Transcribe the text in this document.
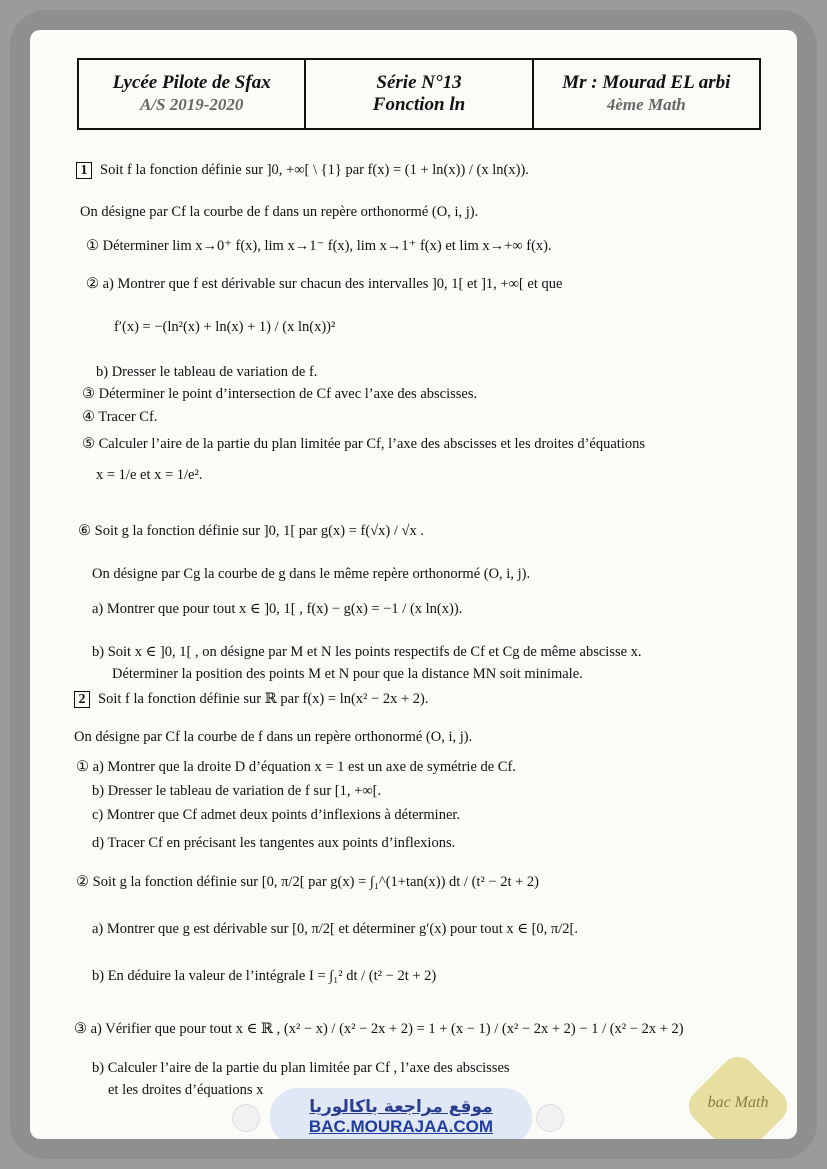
Lycée Pilote de Sfax
A/S 2019-2020
Série N°13
Fonction ln
Mr : Mourad EL arbi
4ème Math
1 Soit f la fonction définie sur ]0, +∞[ \ {1} par f(x) = (1 + ln(x)) / (x ln(x)).
On désigne par Cf la courbe de f dans un repère orthonormé (O, i, j).
① Déterminer lim x→0⁺ f(x), lim x→1⁻ f(x), lim x→1⁺ f(x) et lim x→+∞ f(x).
② a) Montrer que f est dérivable sur chacun des intervalles ]0, 1[ et ]1, +∞[ et que
f′(x) = −(ln²(x) + ln(x) + 1) / (x ln(x))²
b) Dresser le tableau de variation de f.
③ Déterminer le point d’intersection de Cf avec l’axe des abscisses.
④ Tracer Cf.
⑤ Calculer l’aire de la partie du plan limitée par Cf, l’axe des abscisses et les droites d’équations
x = 1/e et x = 1/e².
⑥ Soit g la fonction définie sur ]0, 1[ par g(x) = f(√x) / √x .
On désigne par Cg la courbe de g dans le même repère orthonormé (O, i, j).
a) Montrer que pour tout x ∈ ]0, 1[ , f(x) − g(x) = −1 / (x ln(x)).
b) Soit x ∈ ]0, 1[ , on désigne par M et N les points respectifs de Cf et Cg de même abscisse x.
Déterminer la position des points M et N pour que la distance MN soit minimale.
2 Soit f la fonction définie sur ℝ par f(x) = ln(x² − 2x + 2).
On désigne par Cf la courbe de f dans un repère orthonormé (O, i, j).
① a) Montrer que la droite D d’équation x = 1 est un axe de symétrie de Cf.
b) Dresser le tableau de variation de f sur [1, +∞[.
c) Montrer que Cf admet deux points d’inflexions à déterminer.
d) Tracer Cf en précisant les tangentes aux points d’inflexions.
② Soit g la fonction définie sur [0, π/2[ par g(x) = ∫₁^(1+tan(x)) dt / (t² − 2t + 2)
a) Montrer que g est dérivable sur [0, π/2[ et déterminer g′(x) pour tout x ∈ [0, π/2[.
b) En déduire la valeur de l’intégrale I = ∫₁² dt / (t² − 2t + 2)
③ a) Vérifier que pour tout x ∈ ℝ , (x² − x) / (x² − 2x + 2) = 1 + (x − 1) / (x² − 2x + 2) − 1 / (x² − 2x + 2)
b) Calculer l’aire de la partie du plan limitée par Cf , l’axe des abscisses
et les droites d’équations x
موقع مراجعة باكالوريا
BAC.MOURAJAA.COM
bac Math
